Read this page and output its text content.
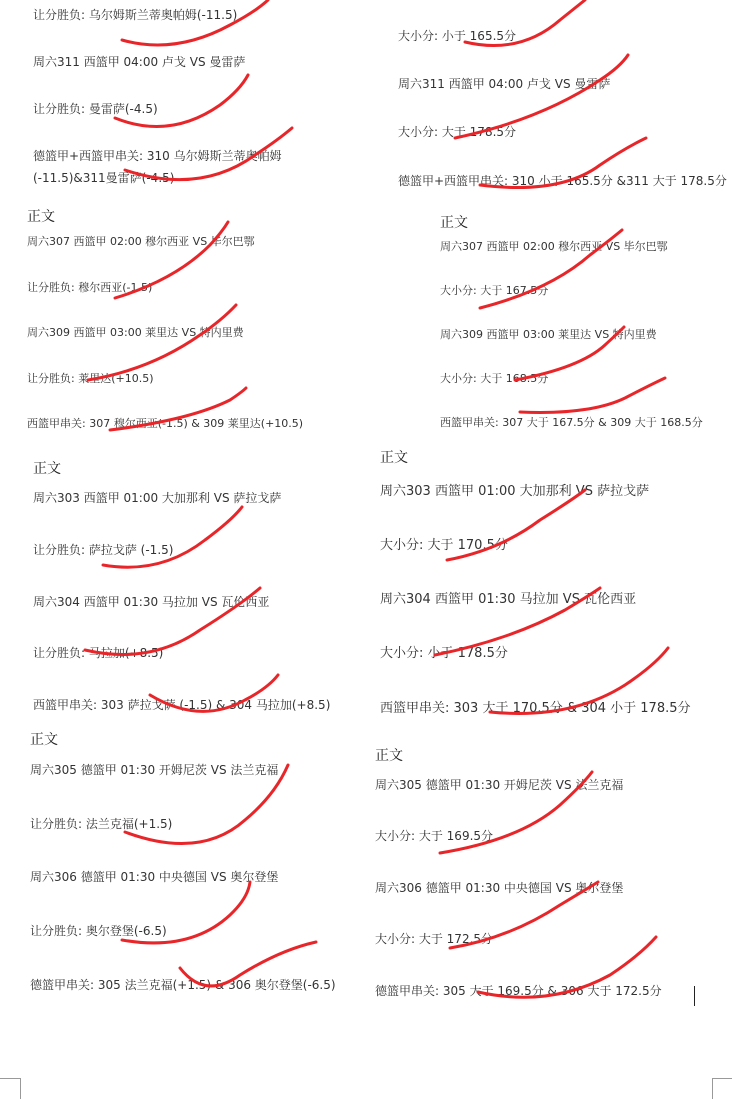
让分胜负: 乌尔姆斯兰蒂奥帕姆(-11.5)
周六311 西篮甲 04:00 卢戈 VS 曼雷萨
让分胜负: 曼雷萨(-4.5)
德篮甲+西篮甲串关: 310 乌尔姆斯兰蒂奥帕姆(-11.5)&311曼雷萨(-4.5)
大小分: 小于 165.5分
周六311 西篮甲 04:00 卢戈 VS 曼雷萨
大小分: 大于 178.5分
德篮甲+西篮甲串关: 310 小于 165.5分 &311 大于 178.5分
正文
周六307 西篮甲 02:00 穆尔西亚 VS 毕尔巴鄂
让分胜负: 穆尔西亚(-1.5)
周六309 西篮甲 03:00 莱里达 VS 特内里费
让分胜负: 莱里达(+10.5)
西篮甲串关: 307 穆尔西亚(-1.5) & 309 莱里达(+10.5)
正文
周六307 西篮甲 02:00 穆尔西亚 VS 毕尔巴鄂
大小分: 大于 167.5分
周六309 西篮甲 03:00 莱里达 VS 特内里费
大小分: 大于 168.5分
西篮甲串关: 307 大于 167.5分 & 309 大于 168.5分
正文
周六303 西篮甲 01:00 大加那利 VS 萨拉戈萨
让分胜负: 萨拉戈萨 (-1.5)
周六304 西篮甲 01:30 马拉加 VS 瓦伦西亚
让分胜负: 马拉加(+8.5)
西篮甲串关: 303 萨拉戈萨 (-1.5) & 304 马拉加(+8.5)
正文
周六303 西篮甲 01:00 大加那利 VS 萨拉戈萨
大小分: 大于 170.5分
周六304 西篮甲 01:30 马拉加 VS 瓦伦西亚
大小分: 小于 178.5分
西篮甲串关: 303 大于 170.5分 & 304 小于 178.5分
正文
周六305 德篮甲 01:30 开姆尼茨 VS 法兰克福
让分胜负: 法兰克福(+1.5)
周六306 德篮甲 01:30 中央德国 VS 奥尔登堡
让分胜负: 奥尔登堡(-6.5)
德篮甲串关: 305 法兰克福(+1.5) & 306 奥尔登堡(-6.5)
正文
周六305 德篮甲 01:30 开姆尼茨 VS 法兰克福
大小分: 大于 169.5分
周六306 德篮甲 01:30 中央德国 VS 奥尔登堡
大小分: 大于 172.5分
德篮甲串关: 305 大于 169.5分 & 306 大于 172.5分
